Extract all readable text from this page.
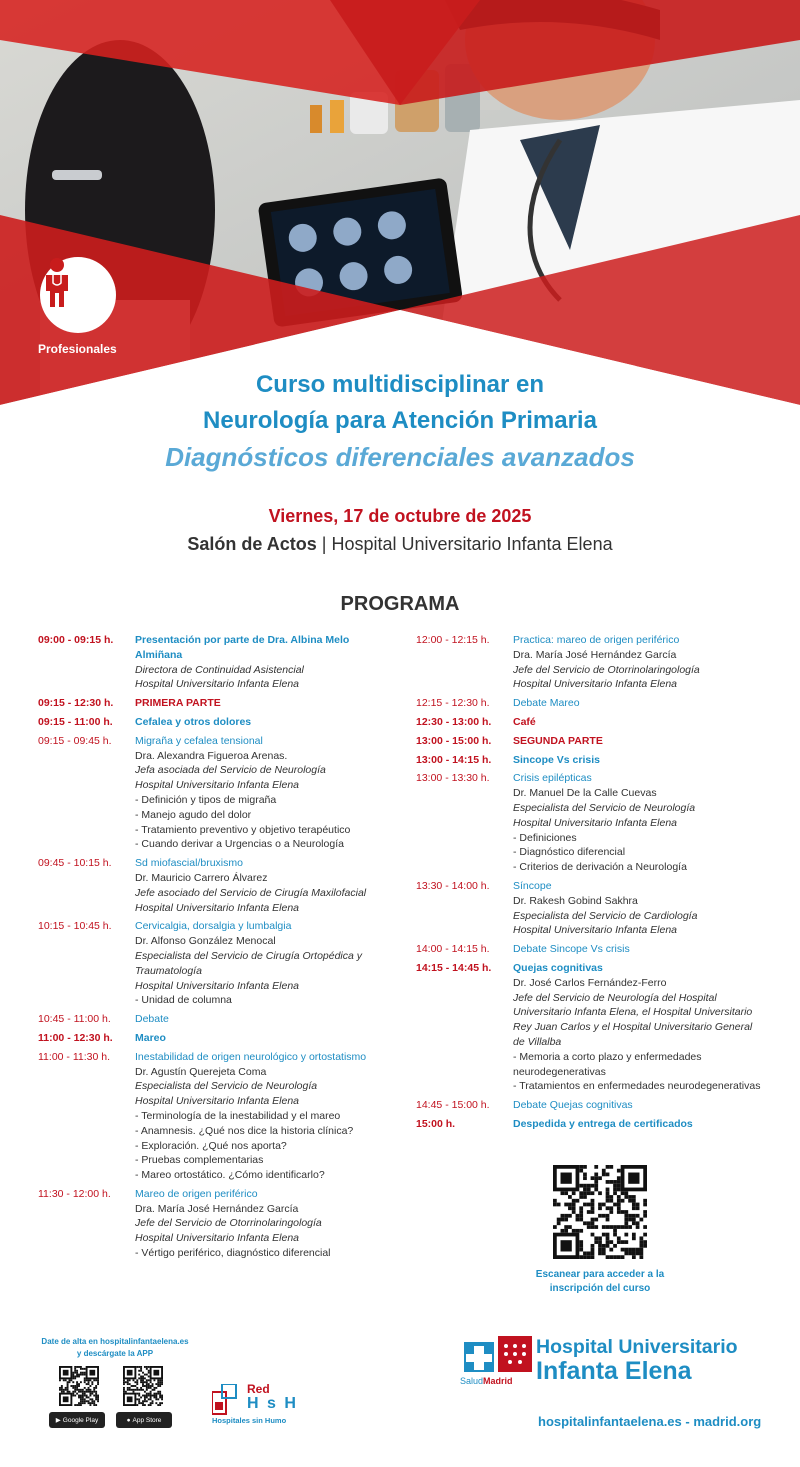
Profesionales
Curso multidisciplinar en
Neurología para Atención Primaria
Diagnósticos diferenciales avanzados
Viernes, 17 de octubre de 2025
Salón de Actos | Hospital Universitario Infanta Elena
PROGRAMA
09:00 - 09:15 h.	Presentación por parte de Dra. Albina Melo Almiñana
Directora de Continuidad Asistencial
Hospital Universitario Infanta Elena
09:15 - 12:30 h.	PRIMERA PARTE
09:15 - 11:00 h.	Cefalea y otros dolores
09:15 - 09:45 h.	Migraña y cefalea tensional
Dra. Alexandra Figueroa Arenas.
Jefa asociada del Servicio de Neurología
Hospital Universitario Infanta Elena
- Definición y tipos de migraña
- Manejo agudo del dolor
- Tratamiento preventivo y objetivo terapéutico
- Cuando derivar a Urgencias o a Neurología
09:45 - 10:15 h.	Sd miofascial/bruxismo
Dr. Mauricio Carrero Álvarez
Jefe asociado del Servicio de Cirugía Maxilofacial
Hospital Universitario Infanta Elena
10:15 - 10:45 h.	Cervicalgia, dorsalgia y lumbalgia
Dr. Alfonso González Menocal
Especialista del Servicio de Cirugía Ortopédica y Traumatología
Hospital Universitario Infanta Elena
- Unidad de columna
10:45 - 11:00 h.	Debate
11:00 - 12:30 h.	Mareo
11:00 - 11:30 h.	Inestabilidad de origen neurológico y ortostatismo
Dr. Agustín Querejeta Coma
Especialista del Servicio de Neurología
Hospital Universitario Infanta Elena
- Terminología de la inestabilidad y el mareo
- Anamnesis. ¿Qué nos dice la historia clínica?
- Exploración. ¿Qué nos aporta?
- Pruebas complementarias
- Mareo ortostático. ¿Cómo identificarlo?
11:30 - 12:00 h.	Mareo de origen periférico
Dra. María José Hernández García
Jefe del Servicio de Otorrinolaringología
Hospital Universitario Infanta Elena
- Vértigo periférico, diagnóstico diferencial
12:00 - 12:15 h.	Practica: mareo de origen periférico
Dra. María José Hernández García
Jefe del Servicio de Otorrinolaringología
Hospital Universitario Infanta Elena
12:15 - 12:30 h.	Debate Mareo
12:30 - 13:00 h.	Café
13:00 - 15:00 h.	SEGUNDA PARTE
13:00 - 14:15 h.	Sincope Vs crisis
13:00 - 13:30 h.	Crisis epilépticas
Dr. Manuel De la Calle Cuevas
Especialista del Servicio de Neurología
Hospital Universitario Infanta Elena
- Definiciones
- Diagnóstico diferencial
- Criterios de derivación a Neurología
13:30 - 14:00 h.	Síncope
Dr. Rakesh Gobind Sakhra
Especialista del Servicio de Cardiología
Hospital Universitario Infanta Elena
14:00 - 14:15 h.	Debate Sincope Vs crisis
14:15 - 14:45 h.	Quejas cognitivas
Dr. José Carlos Fernández-Ferro
Jefe del Servicio de Neurología del Hospital Universitario Infanta Elena, el Hospital Universitario Rey Juan Carlos y el Hospital Universitario General de Villalba
- Memoria a corto plazo y enfermedades neurodegenerativas
- Tratamientos en enfermedades neurodegenerativas
14:45 - 15:00 h.	Debate Quejas cognitivas
15:00 h.	Despedida y entrega de certificados
Escanear para acceder a la inscripción del curso
Date de alta en hospitalinfantaelena.es
y descárgate la APP
▶ Google Play	● App Store
Red
H s H
Hospitales sin Humo
Hospital Universitario
Infanta Elena
SaludMadrid
hospitalinfantaelena.es - madrid.org
